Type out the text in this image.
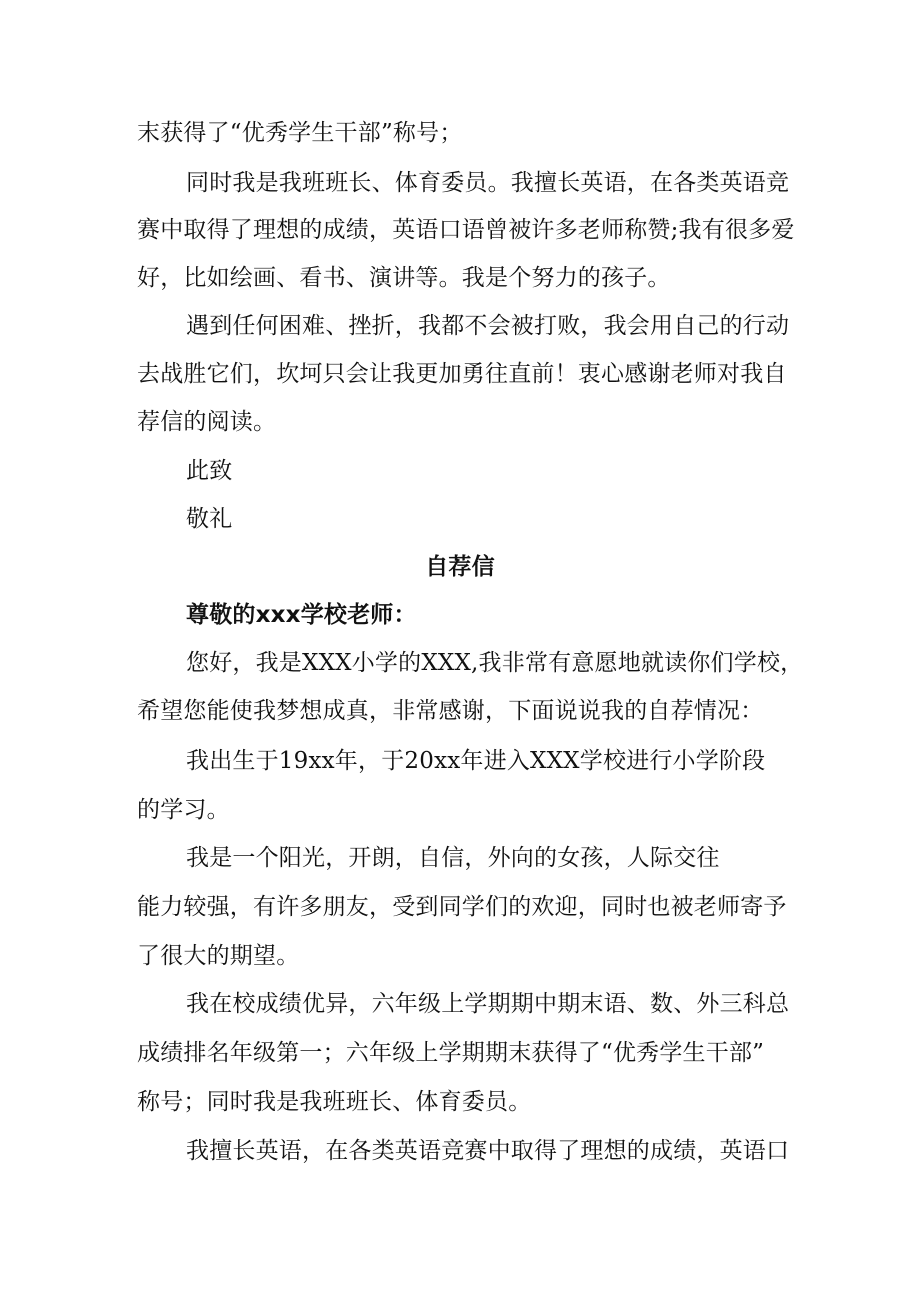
末获得了“优秀学生干部”称号；
同时我是我班班长、体育委员。我擅长英语，在各类英语竞
赛中取得了理想的成绩，英语口语曾被许多老师称赞;我有很多爱
好，比如绘画、看书、演讲等。我是个努力的孩子。
遇到任何困难、挫折，我都不会被打败，我会用自己的行动
去战胜它们，坎坷只会让我更加勇往直前！衷心感谢老师对我自
荐信的阅读。
此致
敬礼
自荐信
尊敬的xxx学校老师：
您好，我是XXX小学的XXX,我非常有意愿地就读你们学校，
希望您能使我梦想成真，非常感谢，下面说说我的自荐情况：
我出生于19xx年，于20xx年进入XXX学校进行小学阶段
的学习。
我是一个阳光，开朗，自信，外向的女孩，人际交往
能力较强，有许多朋友，受到同学们的欢迎，同时也被老师寄予
了很大的期望。
我在校成绩优异，六年级上学期期中期末语、数、外三科总
成绩排名年级第一；六年级上学期期末获得了“优秀学生干部”
称号；同时我是我班班长、体育委员。
我擅长英语，在各类英语竞赛中取得了理想的成绩，英语口
